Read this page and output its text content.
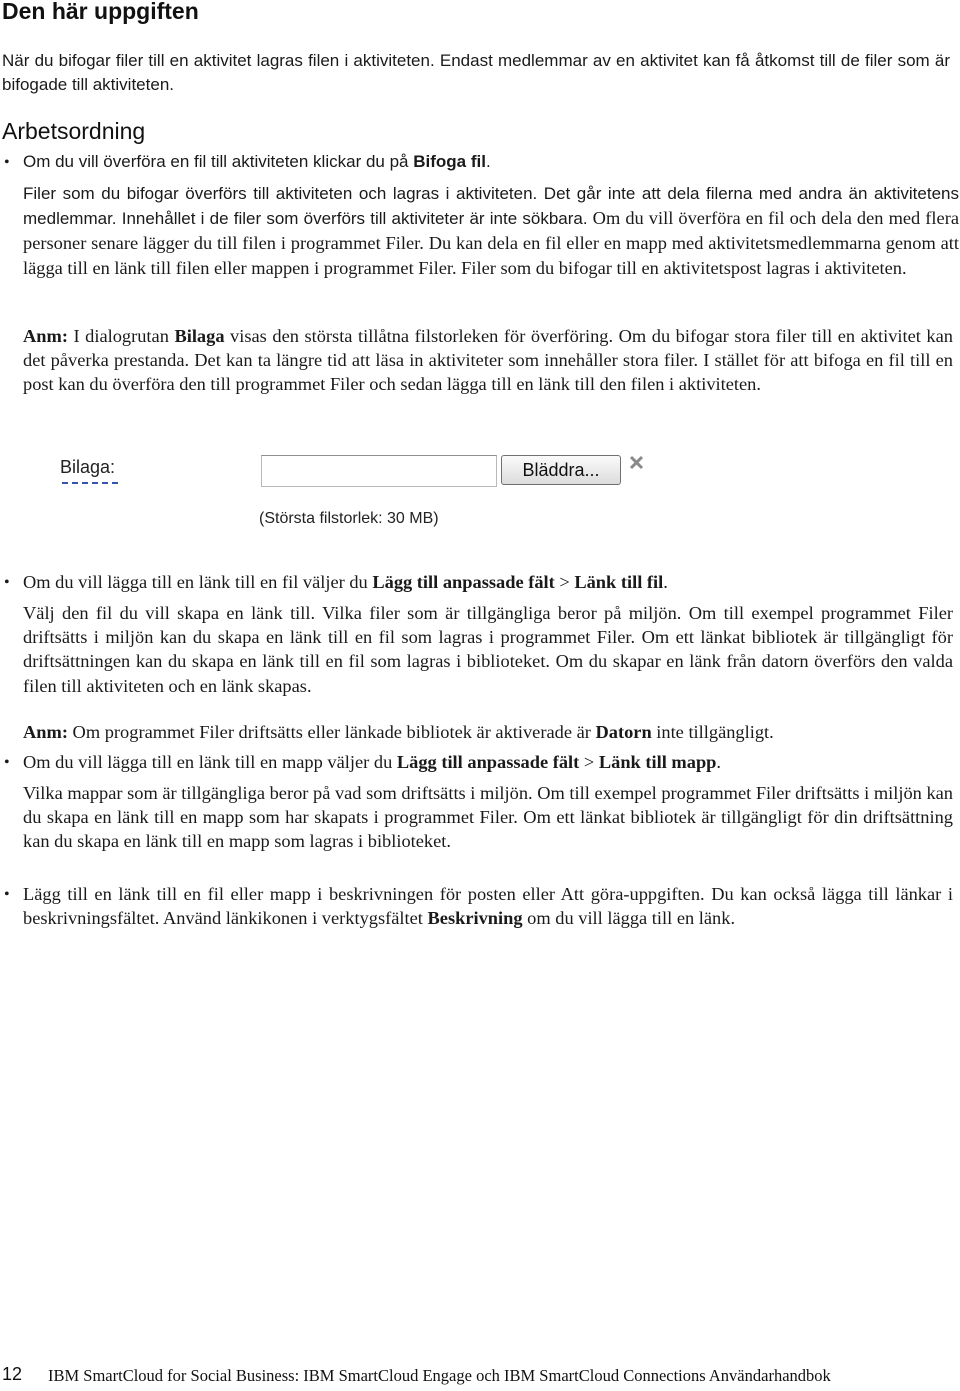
Den här uppgiften

När du bifogar filer till en aktivitet lagras filen i aktiviteten. Endast medlemmar av en aktivitet kan få åtkomst till de filer som är bifogade till aktiviteten.

Arbetsordning
• Om du vill överföra en fil till aktiviteten klickar du på Bifoga fil.

Filer som du bifogar överförs till aktiviteten och lagras i aktiviteten. Det går inte att dela filerna med andra än aktivitetens medlemmar. Innehållet i de filer som överförs till aktiviteter är inte sökbara. Om du vill överföra en fil och dela den med flera personer senare lägger du till filen i programmet Filer. Du kan dela en fil eller en mapp med aktivitetsmedlemmarna genom att lägga till en länk till filen eller mappen i programmet Filer. Filer som du bifogar till en aktivitetspost lagras i aktiviteten.

Anm: I dialogrutan Bilaga visas den största tillåtna filstorleken för överföring. Om du bifogar stora filer till en aktivitet kan det påverka prestanda. Det kan ta längre tid att läsa in aktiviteter som innehåller stora filer. I stället för att bifoga en fil till en post kan du överföra den till programmet Filer och sedan lägga till en länk till den filen i aktiviteten.

Bilaga:	Bläddra...
(Största filstorlek: 30 MB)
• Om du vill lägga till en länk till en fil väljer du Lägg till anpassade fält > Länk till fil.

Välj den fil du vill skapa en länk till. Vilka filer som är tillgängliga beror på miljön. Om till exempel programmet Filer driftsätts i miljön kan du skapa en länk till en fil som lagras i programmet Filer. Om ett länkat bibliotek är tillgängligt för driftsättningen kan du skapa en länk till en fil som lagras i biblioteket. Om du skapar en länk från datorn överförs den valda filen till aktiviteten och en länk skapas.

Anm: Om programmet Filer driftsätts eller länkade bibliotek är aktiverade är Datorn inte tillgängligt.

• Om du vill lägga till en länk till en mapp väljer du Lägg till anpassade fält > Länk till mapp.

Vilka mappar som är tillgängliga beror på vad som driftsätts i miljön. Om till exempel programmet Filer driftsätts i miljön kan du skapa en länk till en mapp som har skapats i programmet Filer. Om ett länkat bibliotek är tillgängligt för din driftsättning kan du skapa en länk till en mapp som lagras i biblioteket.

• Lägg till en länk till en fil eller mapp i beskrivningen för posten eller Att göra-uppgiften. Du kan också lägga till länkar i beskrivningsfältet. Använd länkikonen i verktygsfältet Beskrivning om du vill lägga till en länk.

12 IBM SmartCloud for Social Business: IBM SmartCloud Engage och IBM SmartCloud Connections Användarhandbok
